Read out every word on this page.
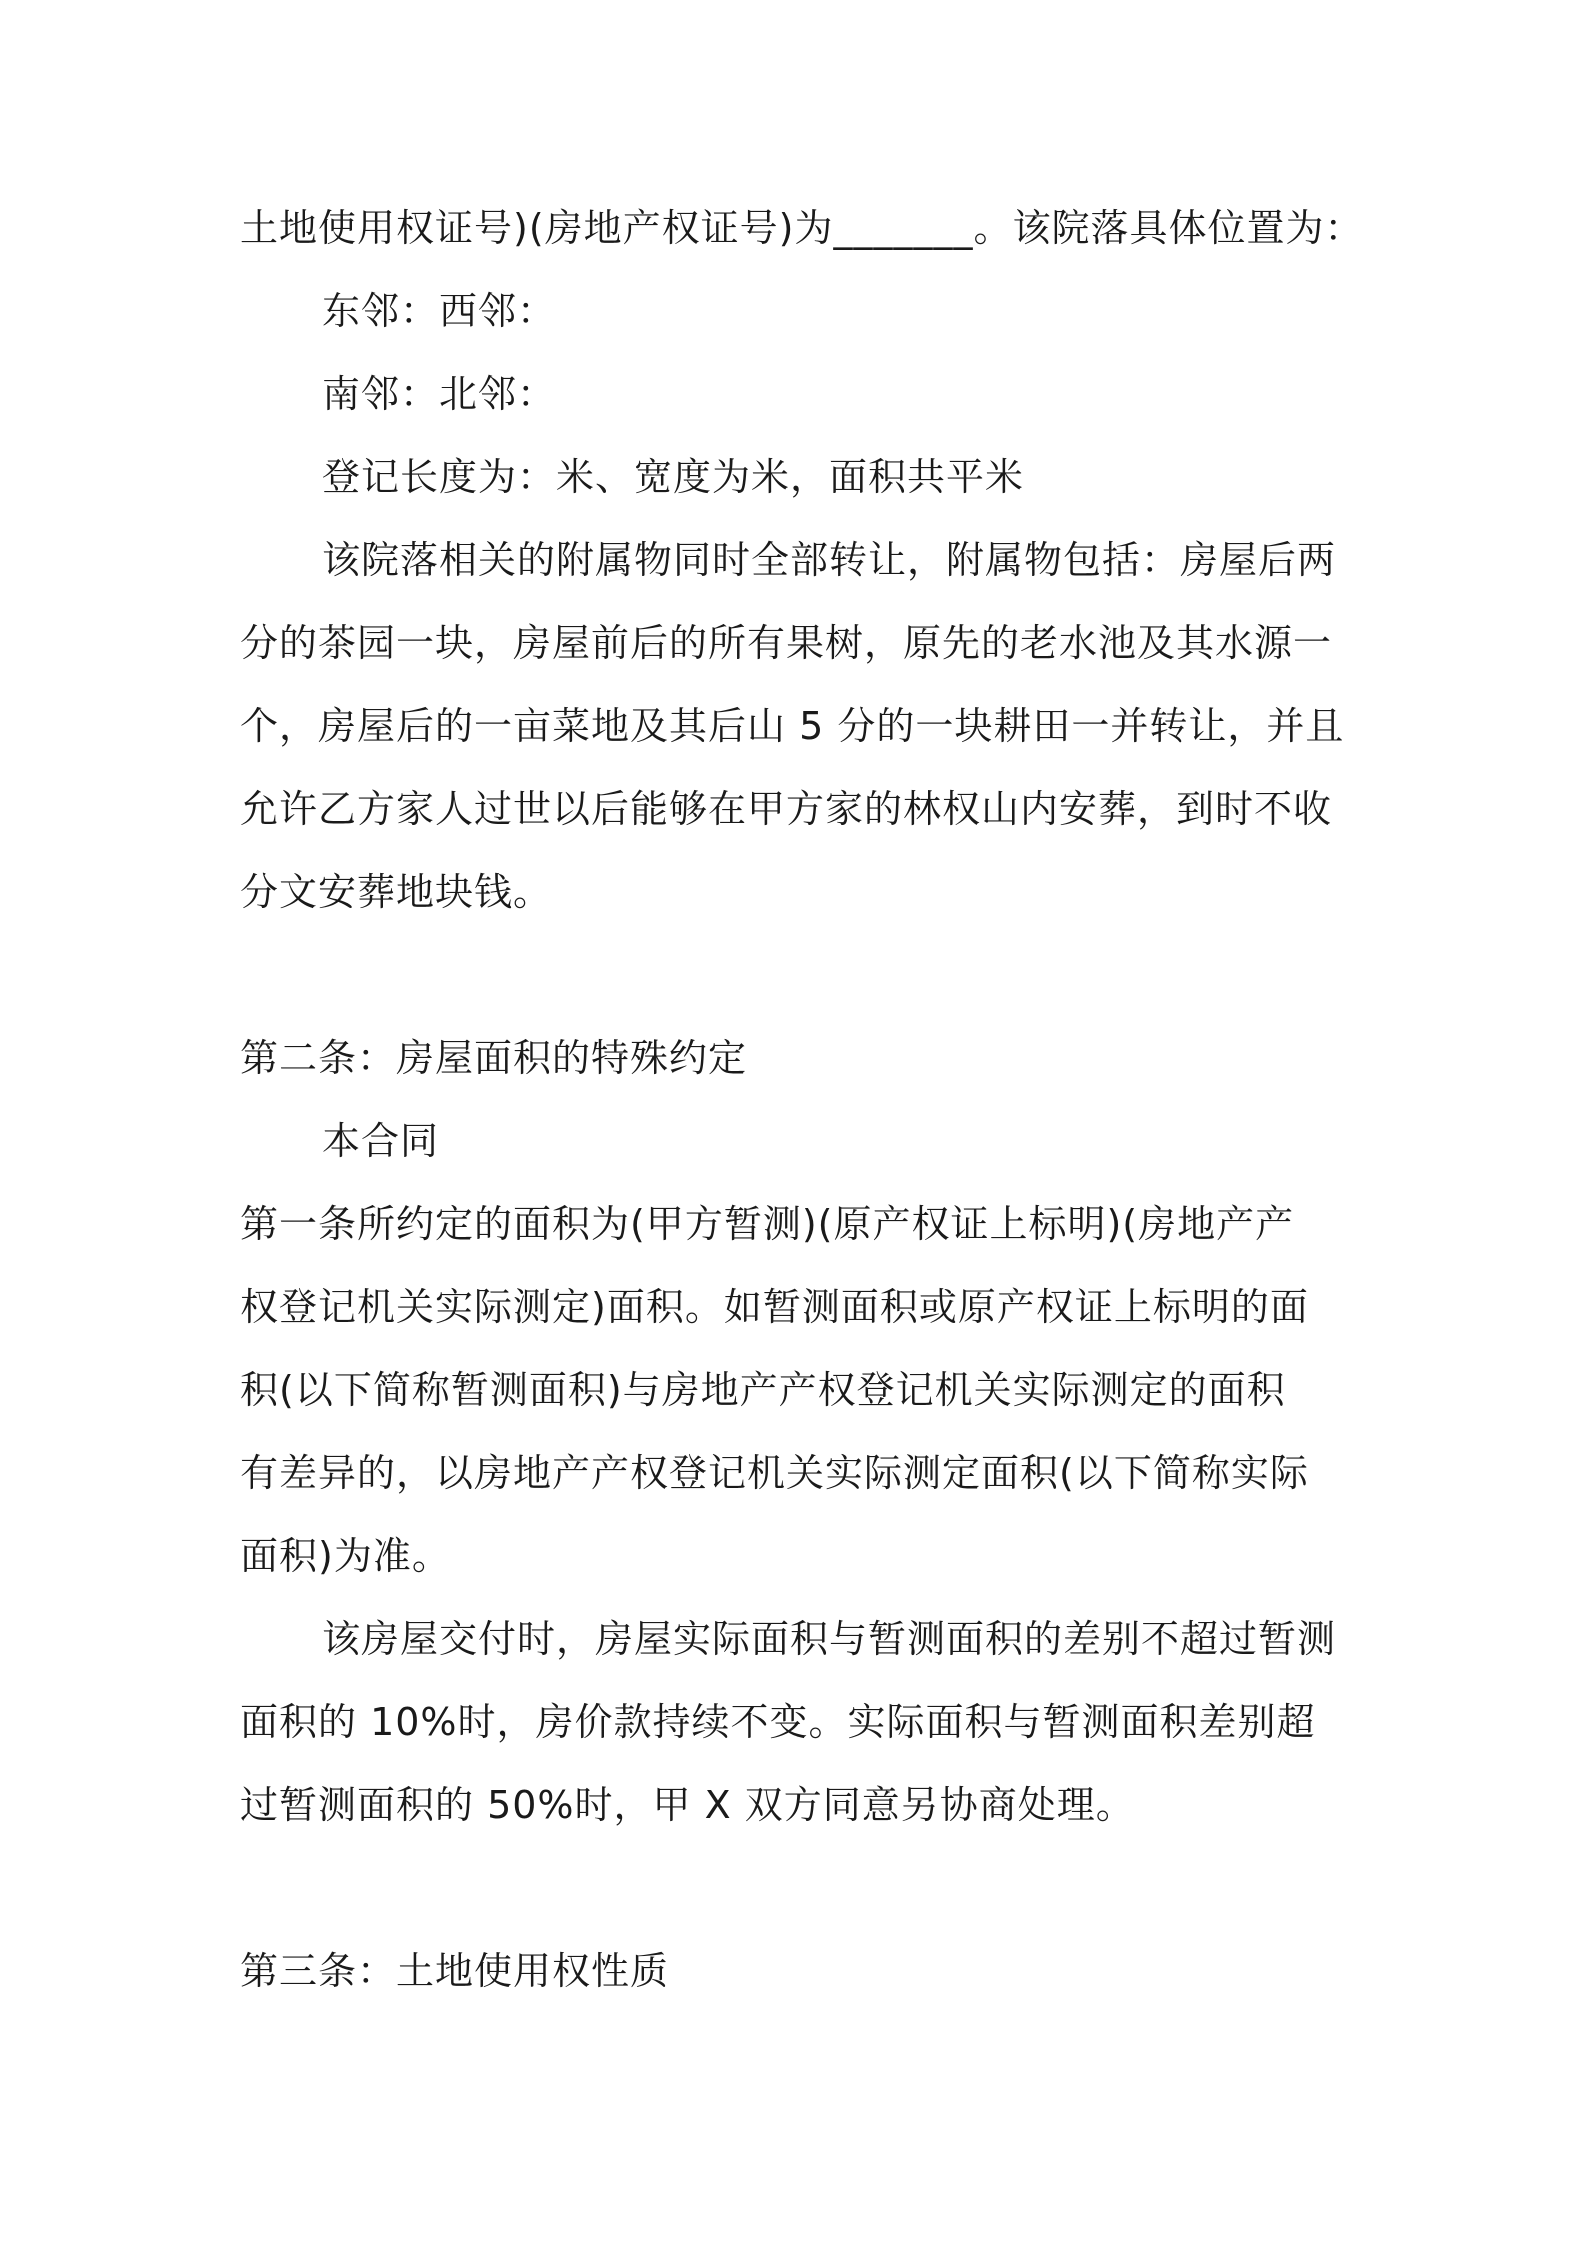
土地使用权证号)(房地产权证号)为_______。该院落具体位置为：
东邻：西邻：
南邻：北邻：
登记长度为：米、宽度为米，面积共平米
该院落相关的附属物同时全部转让，附属物包括：房屋后两
分的茶园一块，房屋前后的所有果树，原先的老水池及其水源一
个，房屋后的一亩菜地及其后山 5 分的一块耕田一并转让，并且
允许乙方家人过世以后能够在甲方家的林权山内安葬，到时不收
分文安葬地块钱。
第二条：房屋面积的特殊约定
本合同
第一条所约定的面积为(甲方暂测)(原产权证上标明)(房地产产
权登记机关实际测定)面积。如暂测面积或原产权证上标明的面
积(以下简称暂测面积)与房地产产权登记机关实际测定的面积
有差异的，以房地产产权登记机关实际测定面积(以下简称实际
面积)为准。
该房屋交付时，房屋实际面积与暂测面积的差别不超过暂测
面积的 10%时，房价款持续不变。实际面积与暂测面积差别超
过暂测面积的 50%时，甲 X 双方同意另协商处理。
第三条：土地使用权性质
